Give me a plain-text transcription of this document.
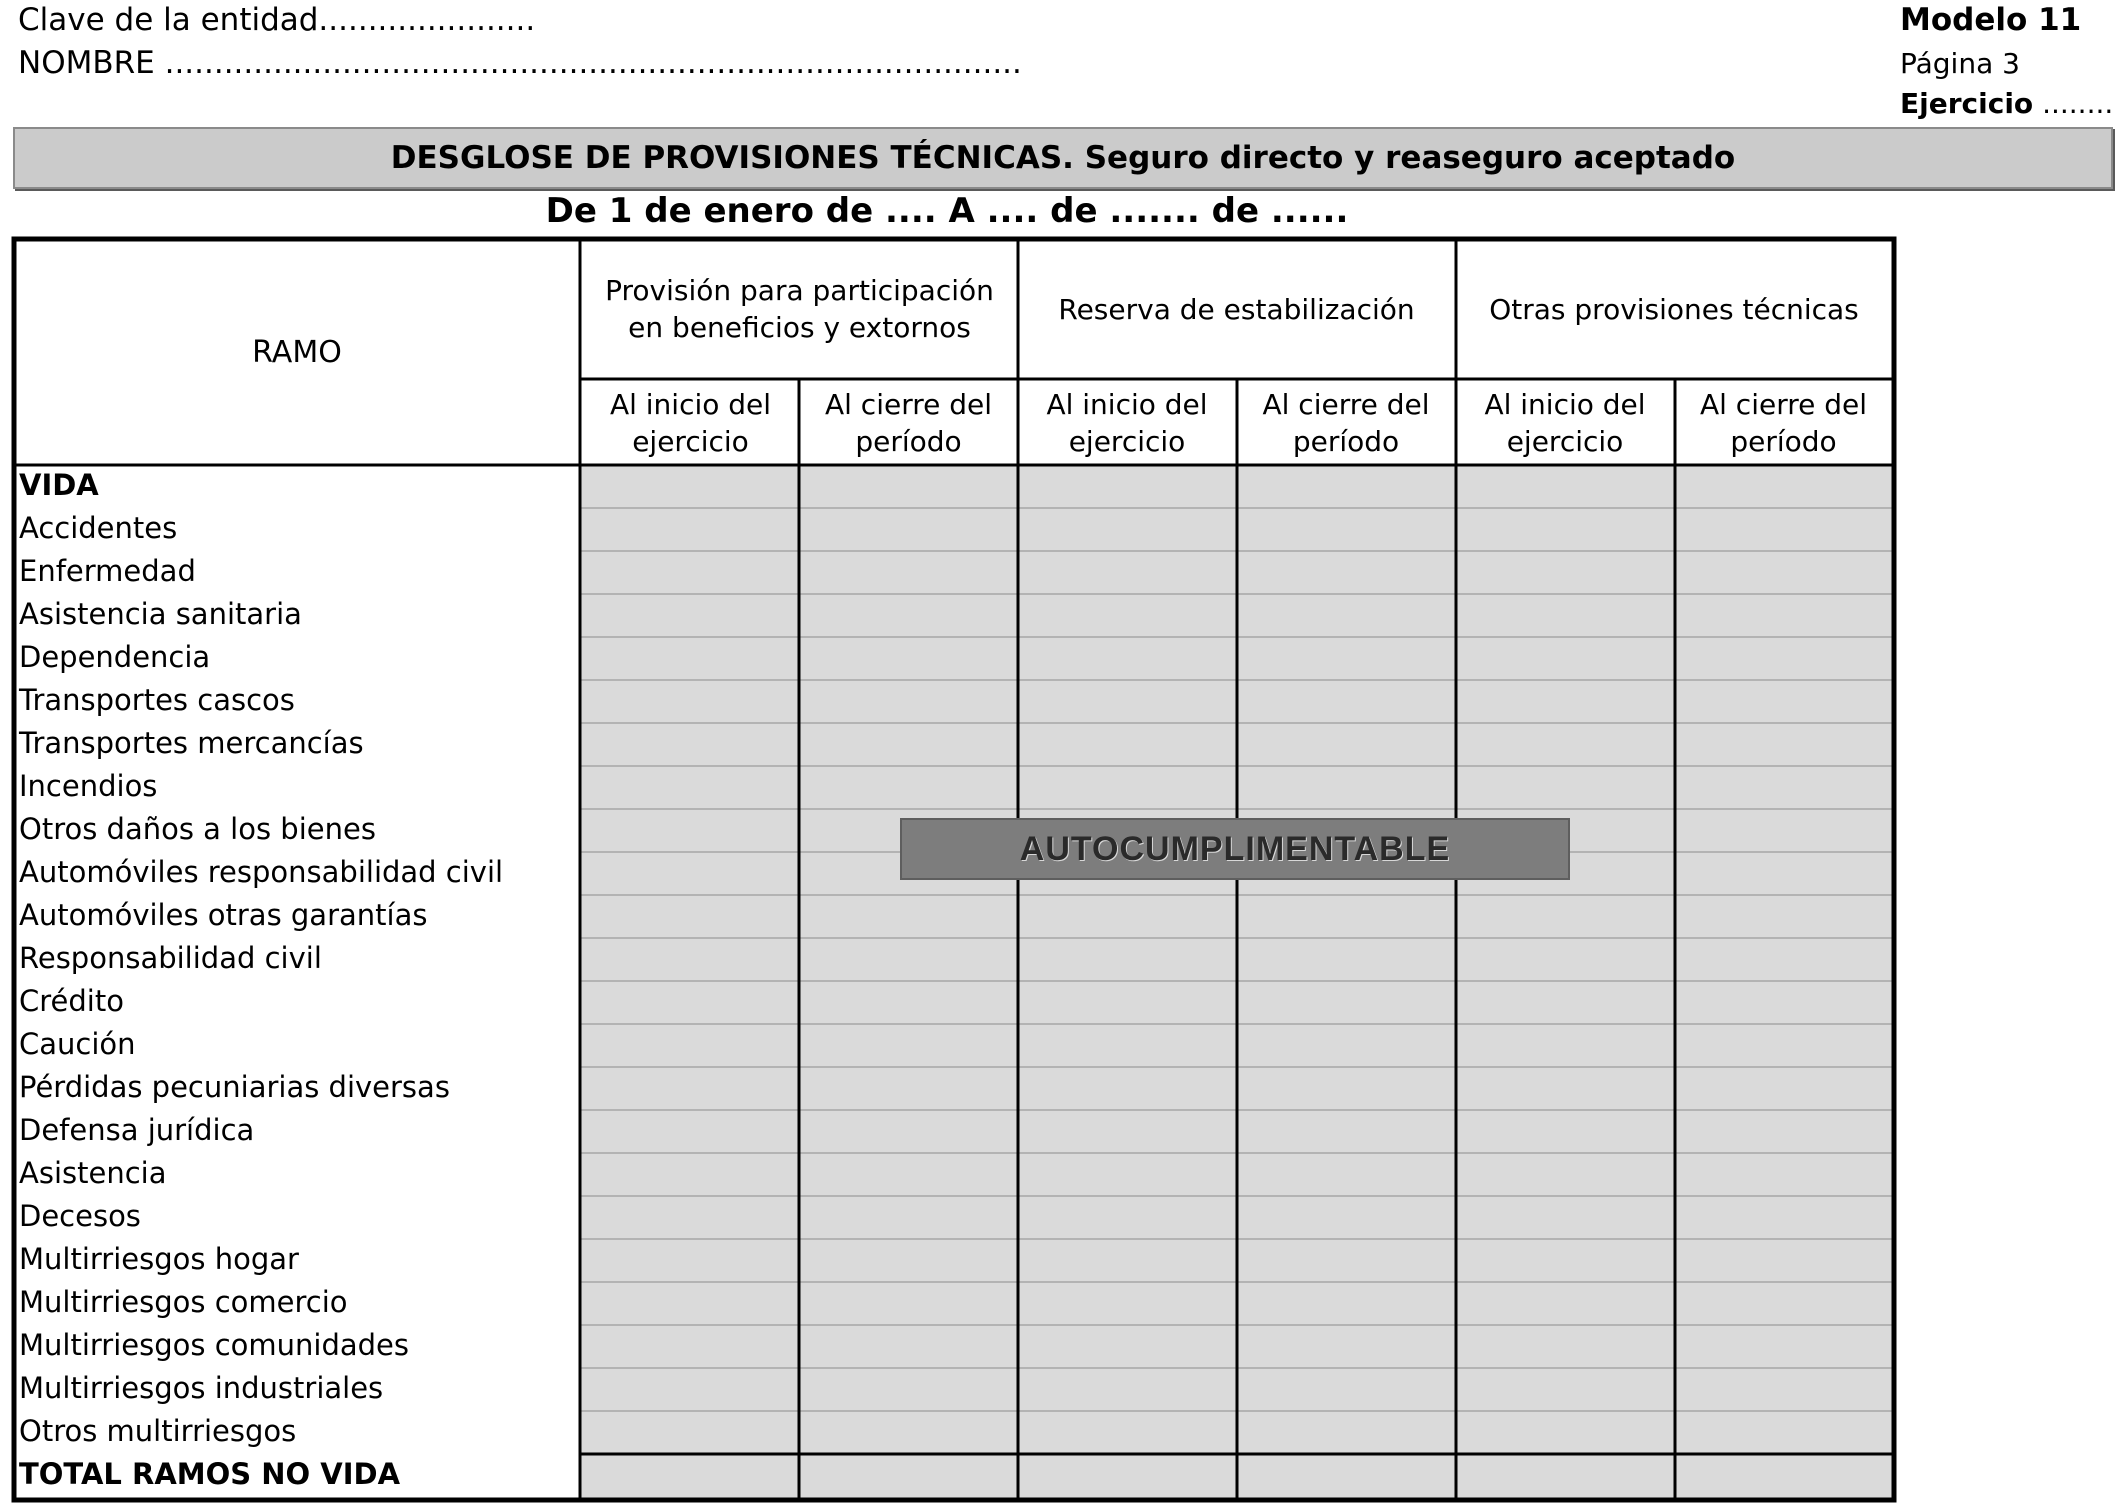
Clave de la entidad......................
NOMBRE .......................................................................................
Modelo 11
Página 3
Ejercicio ........
DESGLOSE DE PROVISIONES TÉCNICAS. Seguro directo y reaseguro aceptado
De 1 de enero de .... A .... de ....... de ......
RAMO
Provisión para participación en beneficios y extornos
Reserva de estabilización	Otras provisiones técnicas
Al inicio del ejercicio
Al cierre del período
Al inicio del ejercicio
Al cierre del período
Al inicio del ejercicio
Al cierre del período
VIDA
Accidentes
Enfermedad
Asistencia sanitaria
Dependencia
Transportes cascos
Transportes mercancías
Incendios
Otros daños a los bienes
Automóviles responsabilidad civil
Automóviles otras garantías
Responsabilidad civil
Crédito
Caución
Pérdidas pecuniarias diversas
Defensa jurídica
Asistencia
Decesos
Multirriesgos hogar
Multirriesgos comercio
Multirriesgos comunidades
Multirriesgos industriales
Otros multirriesgos
TOTAL RAMOS NO VIDA
AUTOCUMPLIMENTABLE
